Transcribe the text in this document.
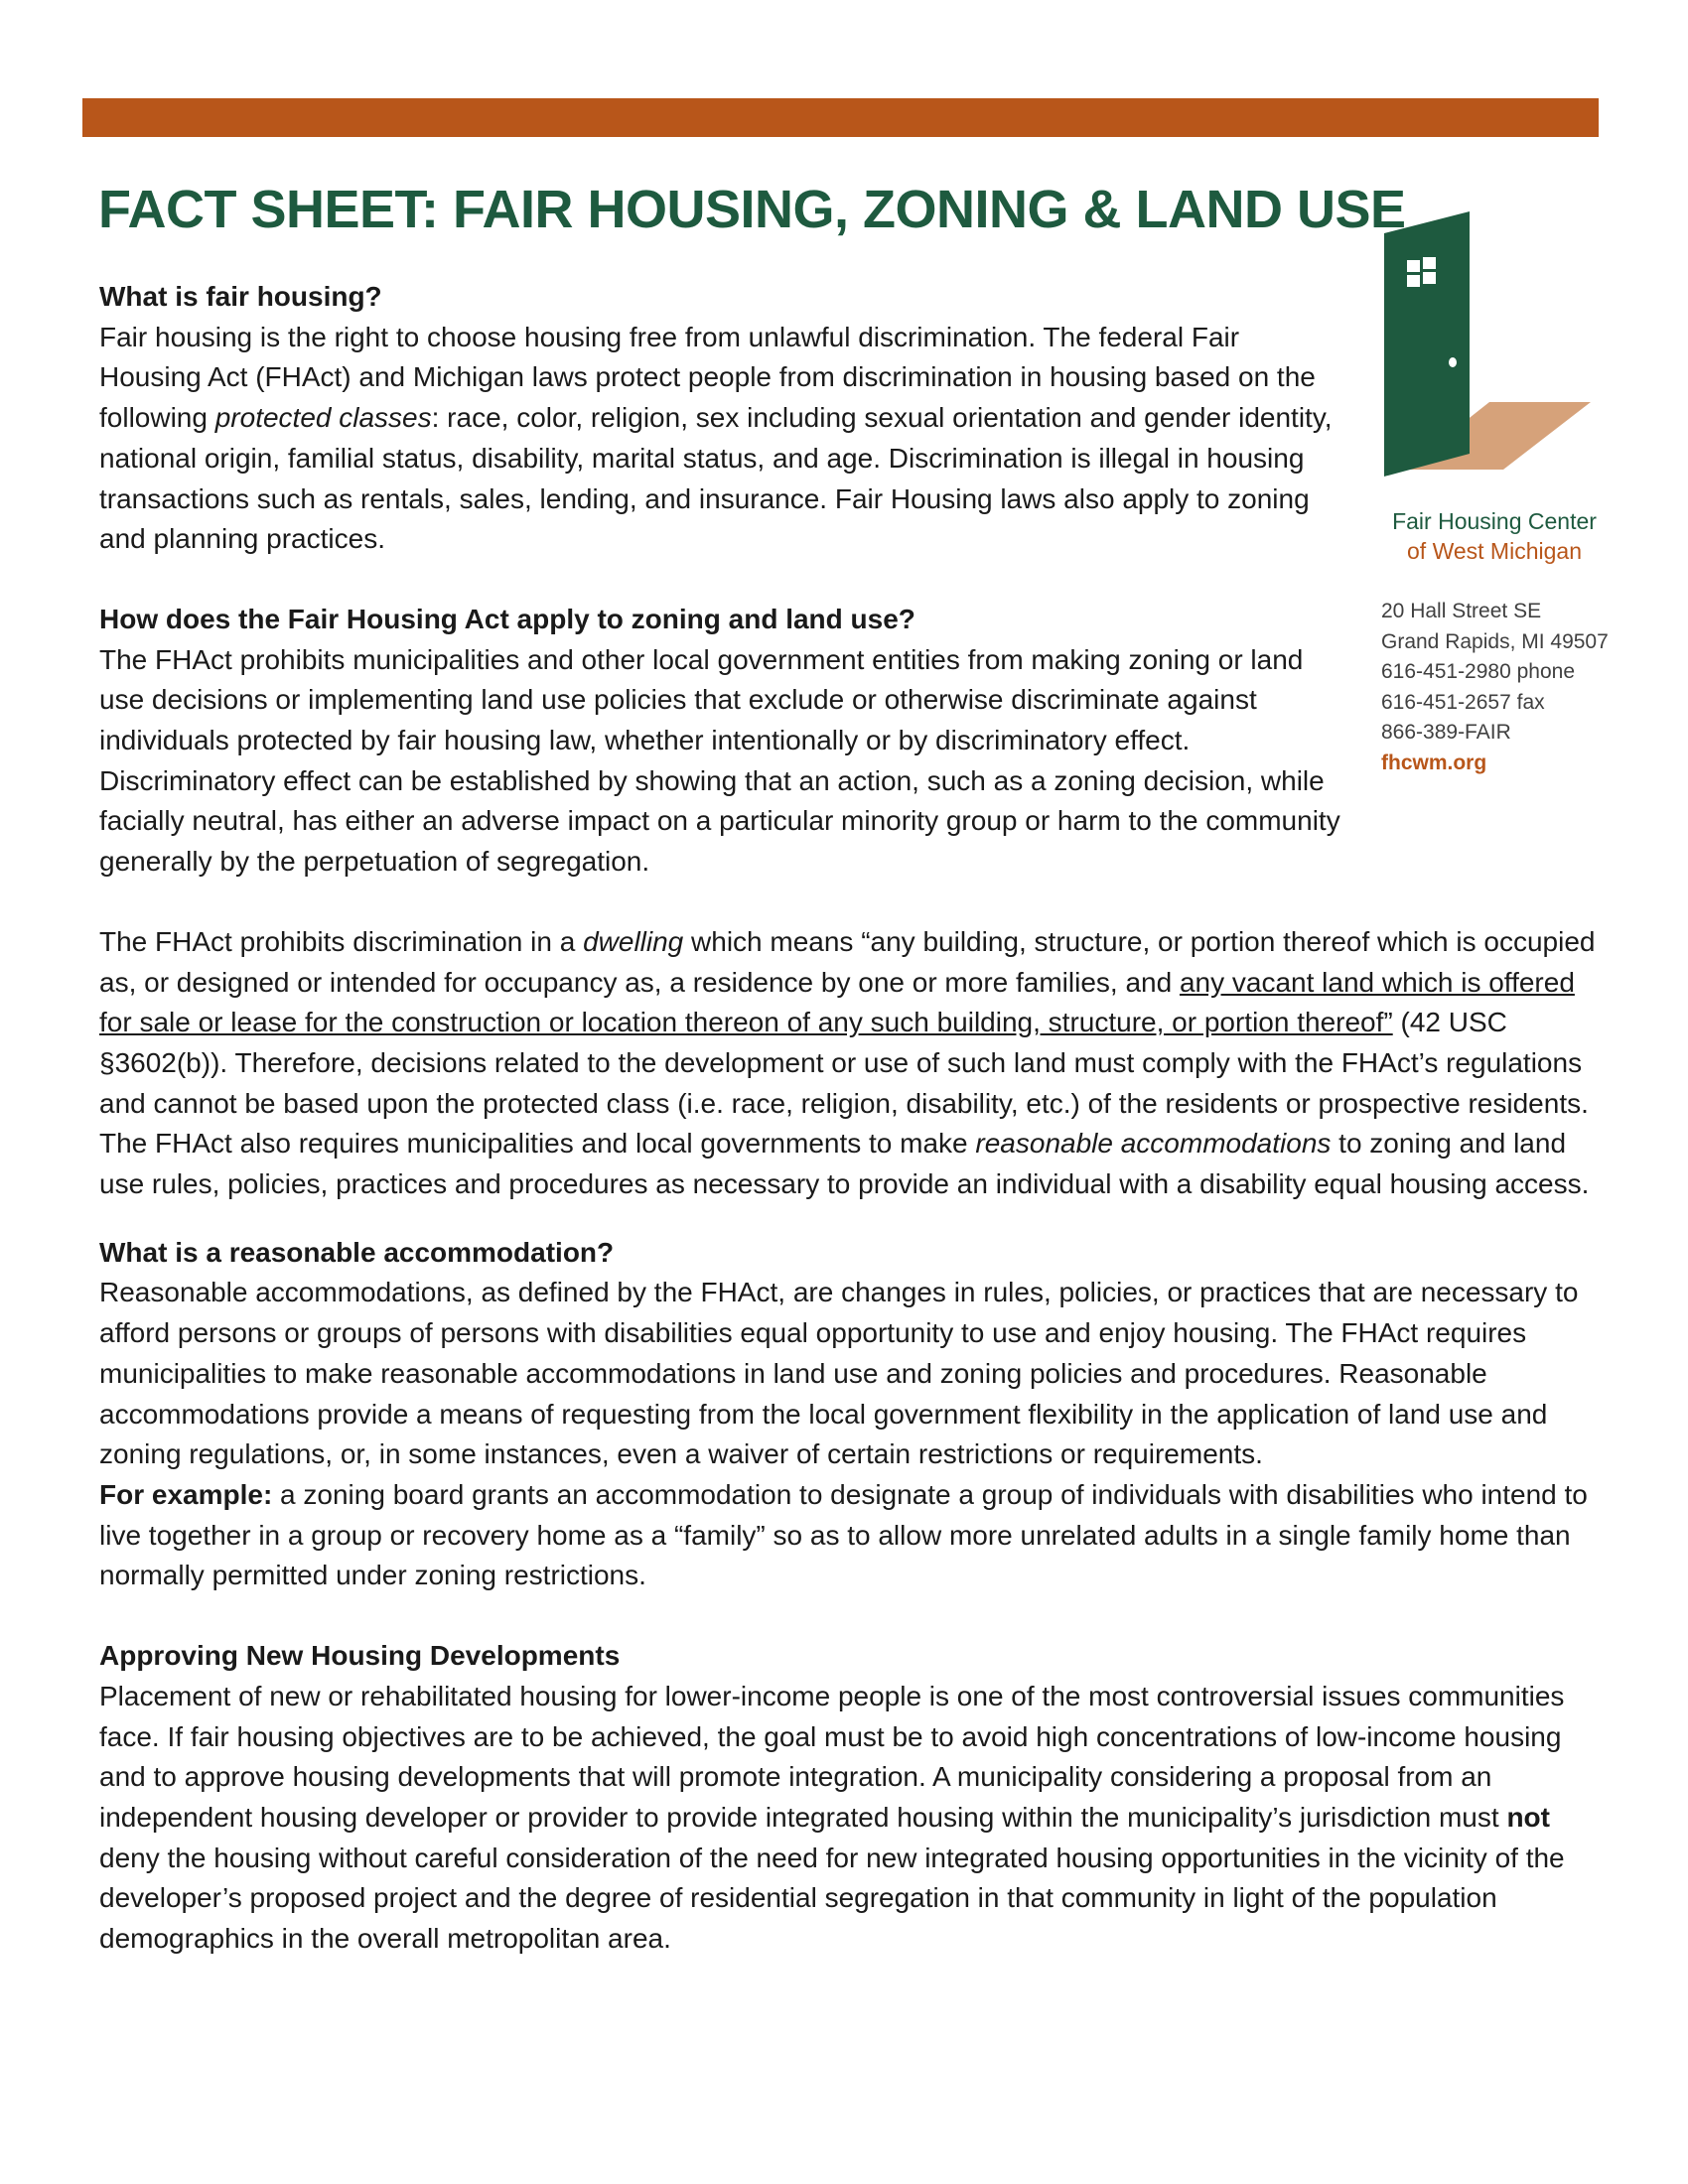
FACT SHEET: FAIR HOUSING, ZONING & LAND USE
Fair Housing Center
of West Michigan
20 Hall Street SE
Grand Rapids, MI 49507
616-451-2980 phone
616-451-2657 fax
866-389-FAIR
fhcwm.org

What is fair housing?

Fair housing is the right to choose housing free from unlawful discrimination. The federal Fair Housing Act (FHAct) and Michigan laws protect people from discrimination in housing based on the following protected classes: race, color, religion, sex including sexual orientation and gender identity, national origin, familial status, disability, marital status, and age. Discrimination is illegal in housing transactions such as rentals, sales, lending, and insurance. Fair Housing laws also apply to zoning and planning practices.

How does the Fair Housing Act apply to zoning and land use?

The FHAct prohibits municipalities and other local government entities from making zoning or land use decisions or implementing land use policies that exclude or otherwise discriminate against individuals protected by fair housing law, whether intentionally or by discriminatory effect. Discriminatory effect can be established by showing that an action, such as a zoning decision, while facially neutral, has either an adverse impact on a particular minority group or harm to the community generally by the perpetuation of segregation.

The FHAct prohibits discrimination in a dwelling which means “any building, structure, or portion thereof which is occupied as, or designed or intended for occupancy as, a residence by one or more families, and any vacant land which is offered for sale or lease for the construction or location thereon of any such building, structure, or portion thereof” (42 USC §3602(b)). Therefore, decisions related to the development or use of such land must comply with the FHAct’s regulations and cannot be based upon the protected class (i.e. race, religion, disability, etc.) of the residents or prospective residents. The FHAct also requires municipalities and local governments to make reasonable accommodations to zoning and land use rules, policies, practices and procedures as necessary to provide an individual with a disability equal housing access.

What is a reasonable accommodation?

Reasonable accommodations, as defined by the FHAct, are changes in rules, policies, or practices that are necessary to afford persons or groups of persons with disabilities equal opportunity to use and enjoy housing. The FHAct requires municipalities to make reasonable accommodations in land use and zoning policies and procedures. Reasonable accommodations provide a means of requesting from the local government flexibility in the application of land use and zoning regulations, or, in some instances, even a waiver of certain restrictions or requirements.

For example: a zoning board grants an accommodation to designate a group of individuals with disabilities who intend to live together in a group or recovery home as a “family” so as to allow more unrelated adults in a single family home than normally permitted under zoning restrictions.

Approving New Housing Developments

Placement of new or rehabilitated housing for lower-income people is one of the most controversial issues communities face. If fair housing objectives are to be achieved, the goal must be to avoid high concentrations of low-income housing and to approve housing developments that will promote integration. A municipality considering a proposal from an independent housing developer or provider to provide integrated housing within the municipality’s jurisdiction must not deny the housing without careful consideration of the need for new integrated housing opportunities in the vicinity of the developer’s proposed project and the degree of residential segregation in that community in light of the population demographics in the overall metropolitan area.
